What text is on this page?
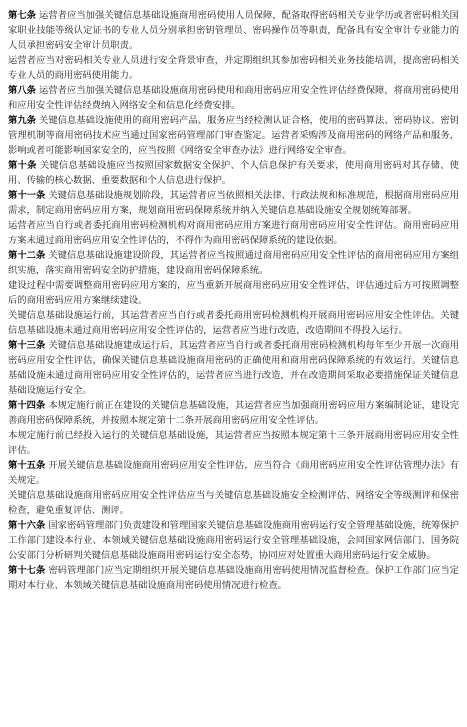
第七条 运营者应当加强关键信息基础设施商用密码使用人员保障，配备取得密码相关专业学历或者密码相关国家职业技能等级认定证书的专业人员分别承担密钥管理员、密码操作员等职责，配备具有安全审计专业能力的人员承担密码安全审计员职责。

运营者应当对密码相关专业人员进行安全背景审查，并定期组织其参加密码相关业务技能培训，提高密码相关专业人员的商用密码使用能力。

第八条 运营者应当加强关键信息基础设施商用密码使用和商用密码应用安全性评估经费保障，将商用密码使用和应用安全性评估经费纳入网络安全和信息化经费安排。

第九条 关键信息基础设施使用的商用密码产品、服务应当经检测认证合格，使用的密码算法、密码协议、密钥管理机制等商用密码技术应当通过国家密码管理部门审查鉴定。运营者采购涉及商用密码的网络产品和服务，影响或者可能影响国家安全的，应当按照《网络安全审查办法》进行网络安全审查。

第十条 关键信息基础设施应当按照国家数据安全保护、个人信息保护有关要求，使用商用密码对其存储、使用、传输的核心数据、重要数据和个人信息进行保护。

第十一条 关键信息基础设施规划阶段，其运营者应当依照相关法律、行政法规和标准规范，根据商用密码应用需求，制定商用密码应用方案，规划商用密码保障系统并纳入关键信息基础设施安全规划统筹部署。

运营者应当自行或者委托商用密码检测机构对商用密码应用方案进行商用密码应用安全性评估。商用密码应用方案未通过商用密码应用安全性评估的，不得作为商用密码保障系统的建设依据。

第十二条 关键信息基础设施建设阶段，其运营者应当按照通过商用密码应用安全性评估的商用密码应用方案组织实施，落实商用密码安全防护措施，建设商用密码保障系统。

建设过程中需要调整商用密码应用方案的，应当重新开展商用密码应用安全性评估，评估通过后方可按照调整后的商用密码应用方案继续建设。

关键信息基础设施运行前，其运营者应当自行或者委托商用密码检测机构开展商用密码应用安全性评估。关键信息基础设施未通过商用密码应用安全性评估的，运营者应当进行改造，改造期间不得投入运行。

第十三条 关键信息基础设施建成运行后，其运营者应当自行或者委托商用密码检测机构每年至少开展一次商用密码应用安全性评估，确保关键信息基础设施商用密码的正确使用和商用密码保障系统的有效运行。关键信息基础设施未通过商用密码应用安全性评估的，运营者应当进行改造，并在改造期间采取必要措施保证关键信息基础设施运行安全。

第十四条 本规定施行前正在建设的关键信息基础设施，其运营者应当加强商用密码应用方案编制论证，建设完善商用密码保障系统，并按照本规定第十二条开展商用密码应用安全性评估。

本规定施行前已经投入运行的关键信息基础设施，其运营者应当按照本规定第十三条开展商用密码应用安全性评估。

第十五条 开展关键信息基础设施商用密码应用安全性评估，应当符合《商用密码应用安全性评估管理办法》有关规定。

关键信息基础设施商用密码应用安全性评估应当与关键信息基础设施安全检测评估、网络安全等级测评和保密检查，避免重复评估、测评。

第十六条 国家密码管理部门负责建设和管理国家关键信息基础设施商用密码运行安全管理基础设施，统筹保护工作部门建设本行业、本领域关键信息基础设施商用密码运行安全管理基础设施，会同国家网信部门、国务院公安部门分析研判关键信息基础设施商用密码运行安全态势，协同应对处置重大商用密码运行安全威胁。

第十七条 密码管理部门应当定期组织开展关键信息基础设施商用密码使用情况监督检查。保护工作部门应当定期对本行业、本领域关键信息基础设施商用密码使用情况进行检查。
